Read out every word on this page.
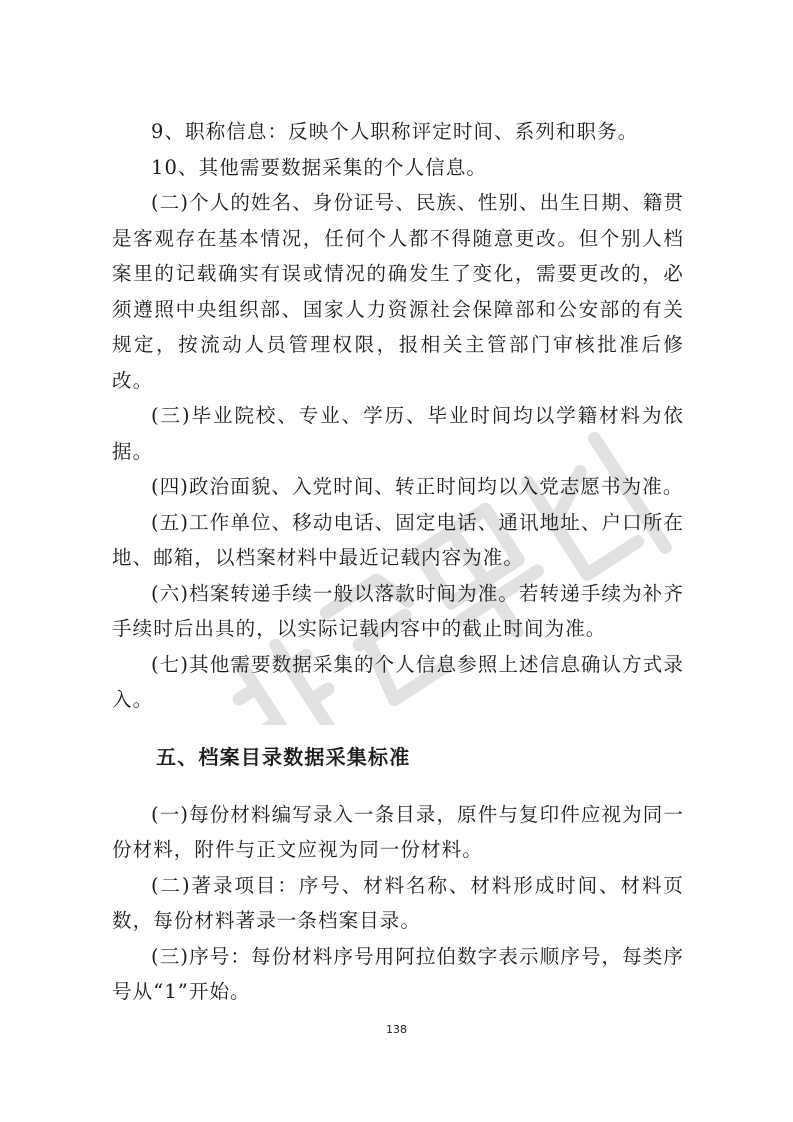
9、职称信息：反映个人职称评定时间、系列和职务。

10、其他需要数据采集的个人信息。

(二)个人的姓名、身份证号、民族、性别、出生日期、籍贯是客观存在基本情况，任何个人都不得随意更改。但个别人档案里的记载确实有误或情况的确发生了变化，需要更改的，必须遵照中央组织部、国家人力资源社会保障部和公安部的有关规定，按流动人员管理权限，报相关主管部门审核批准后修改。

(三)毕业院校、专业、学历、毕业时间均以学籍材料为依据。

(四)政治面貌、入党时间、转正时间均以入党志愿书为准。

(五)工作单位、移动电话、固定电话、通讯地址、户口所在地、邮箱，以档案材料中最近记载内容为准。

(六)档案转递手续一般以落款时间为准。若转递手续为补齐手续时后出具的，以实际记载内容中的截止时间为准。

(七)其他需要数据采集的个人信息参照上述信息确认方式录入。

五、档案目录数据采集标准

(一)每份材料编写录入一条目录，原件与复印件应视为同一份材料，附件与正文应视为同一份材料。

(二)著录项目：序号、材料名称、材料形成时间、材料页数，每份材料著录一条档案目录。

(三)序号：每份材料序号用阿拉伯数字表示顺序号，每类序号从“1”开始。

138
